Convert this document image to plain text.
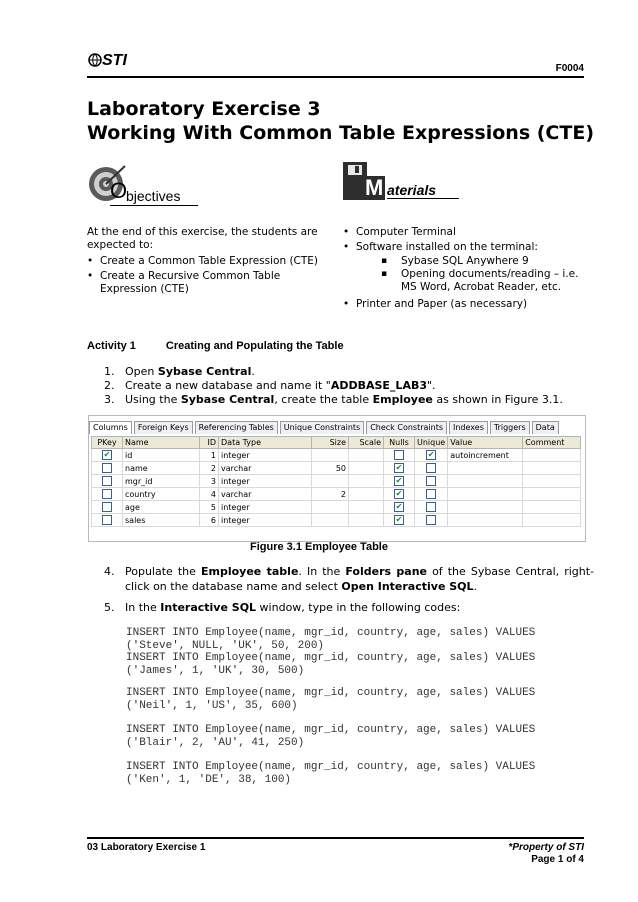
STI	F0004
Laboratory Exercise 3
Working With Common Table Expressions (CTE)
O
bjectives	M aterials
At the end of this exercise, the students are expected to:
• Create a Common Table Expression (CTE)
• Create a Recursive Common Table Expression (CTE)
• Computer Terminal
• Software installed on the terminal:
▪ Sybase SQL Anywhere 9
▪ Opening documents/reading – i.e. MS Word, Acrobat Reader, etc.
• Printer and Paper (as necessary)
Activity 1	Creating and Populating the Table
1. Open Sybase Central.
2. Create a new database and name it "ADDBASE_LAB3".
3. Using the Sybase Central, create the table Employee as shown in Figure 3.1.
Columns	Foreign Keys	Referencing Tables	Unique Constraints	Check Constraints	Indexes	Triggers	Data
PKey	Name	ID	Data Type	Size	Scale	Nulls	Unique	Value	Comment
✔	id	1	integer				✔	autoincrement	
	name	2	varchar	50		✔			
	mgr_id	3	integer			✔			
	country	4	varchar	2		✔			
	age	5	integer			✔			
	sales	6	integer			✔			
Figure 3.1 Employee Table
4. Populate the Employee table. In the Folders pane of the Sybase Central, right-click on the database name and select Open Interactive SQL.
5. In the Interactive SQL window, type in the following codes:
INSERT INTO Employee(name, mgr_id, country, age, sales) VALUES
('Steve', NULL, 'UK', 50, 200)
INSERT INTO Employee(name, mgr_id, country, age, sales) VALUES
('James', 1, 'UK', 30, 500)
INSERT INTO Employee(name, mgr_id, country, age, sales) VALUES
('Neil', 1, 'US', 35, 600)
INSERT INTO Employee(name, mgr_id, country, age, sales) VALUES
('Blair', 2, 'AU', 41, 250)
INSERT INTO Employee(name, mgr_id, country, age, sales) VALUES
('Ken', 1, 'DE', 38, 100)
03 Laboratory Exercise 1	*Property of STI
Page 1 of 4
